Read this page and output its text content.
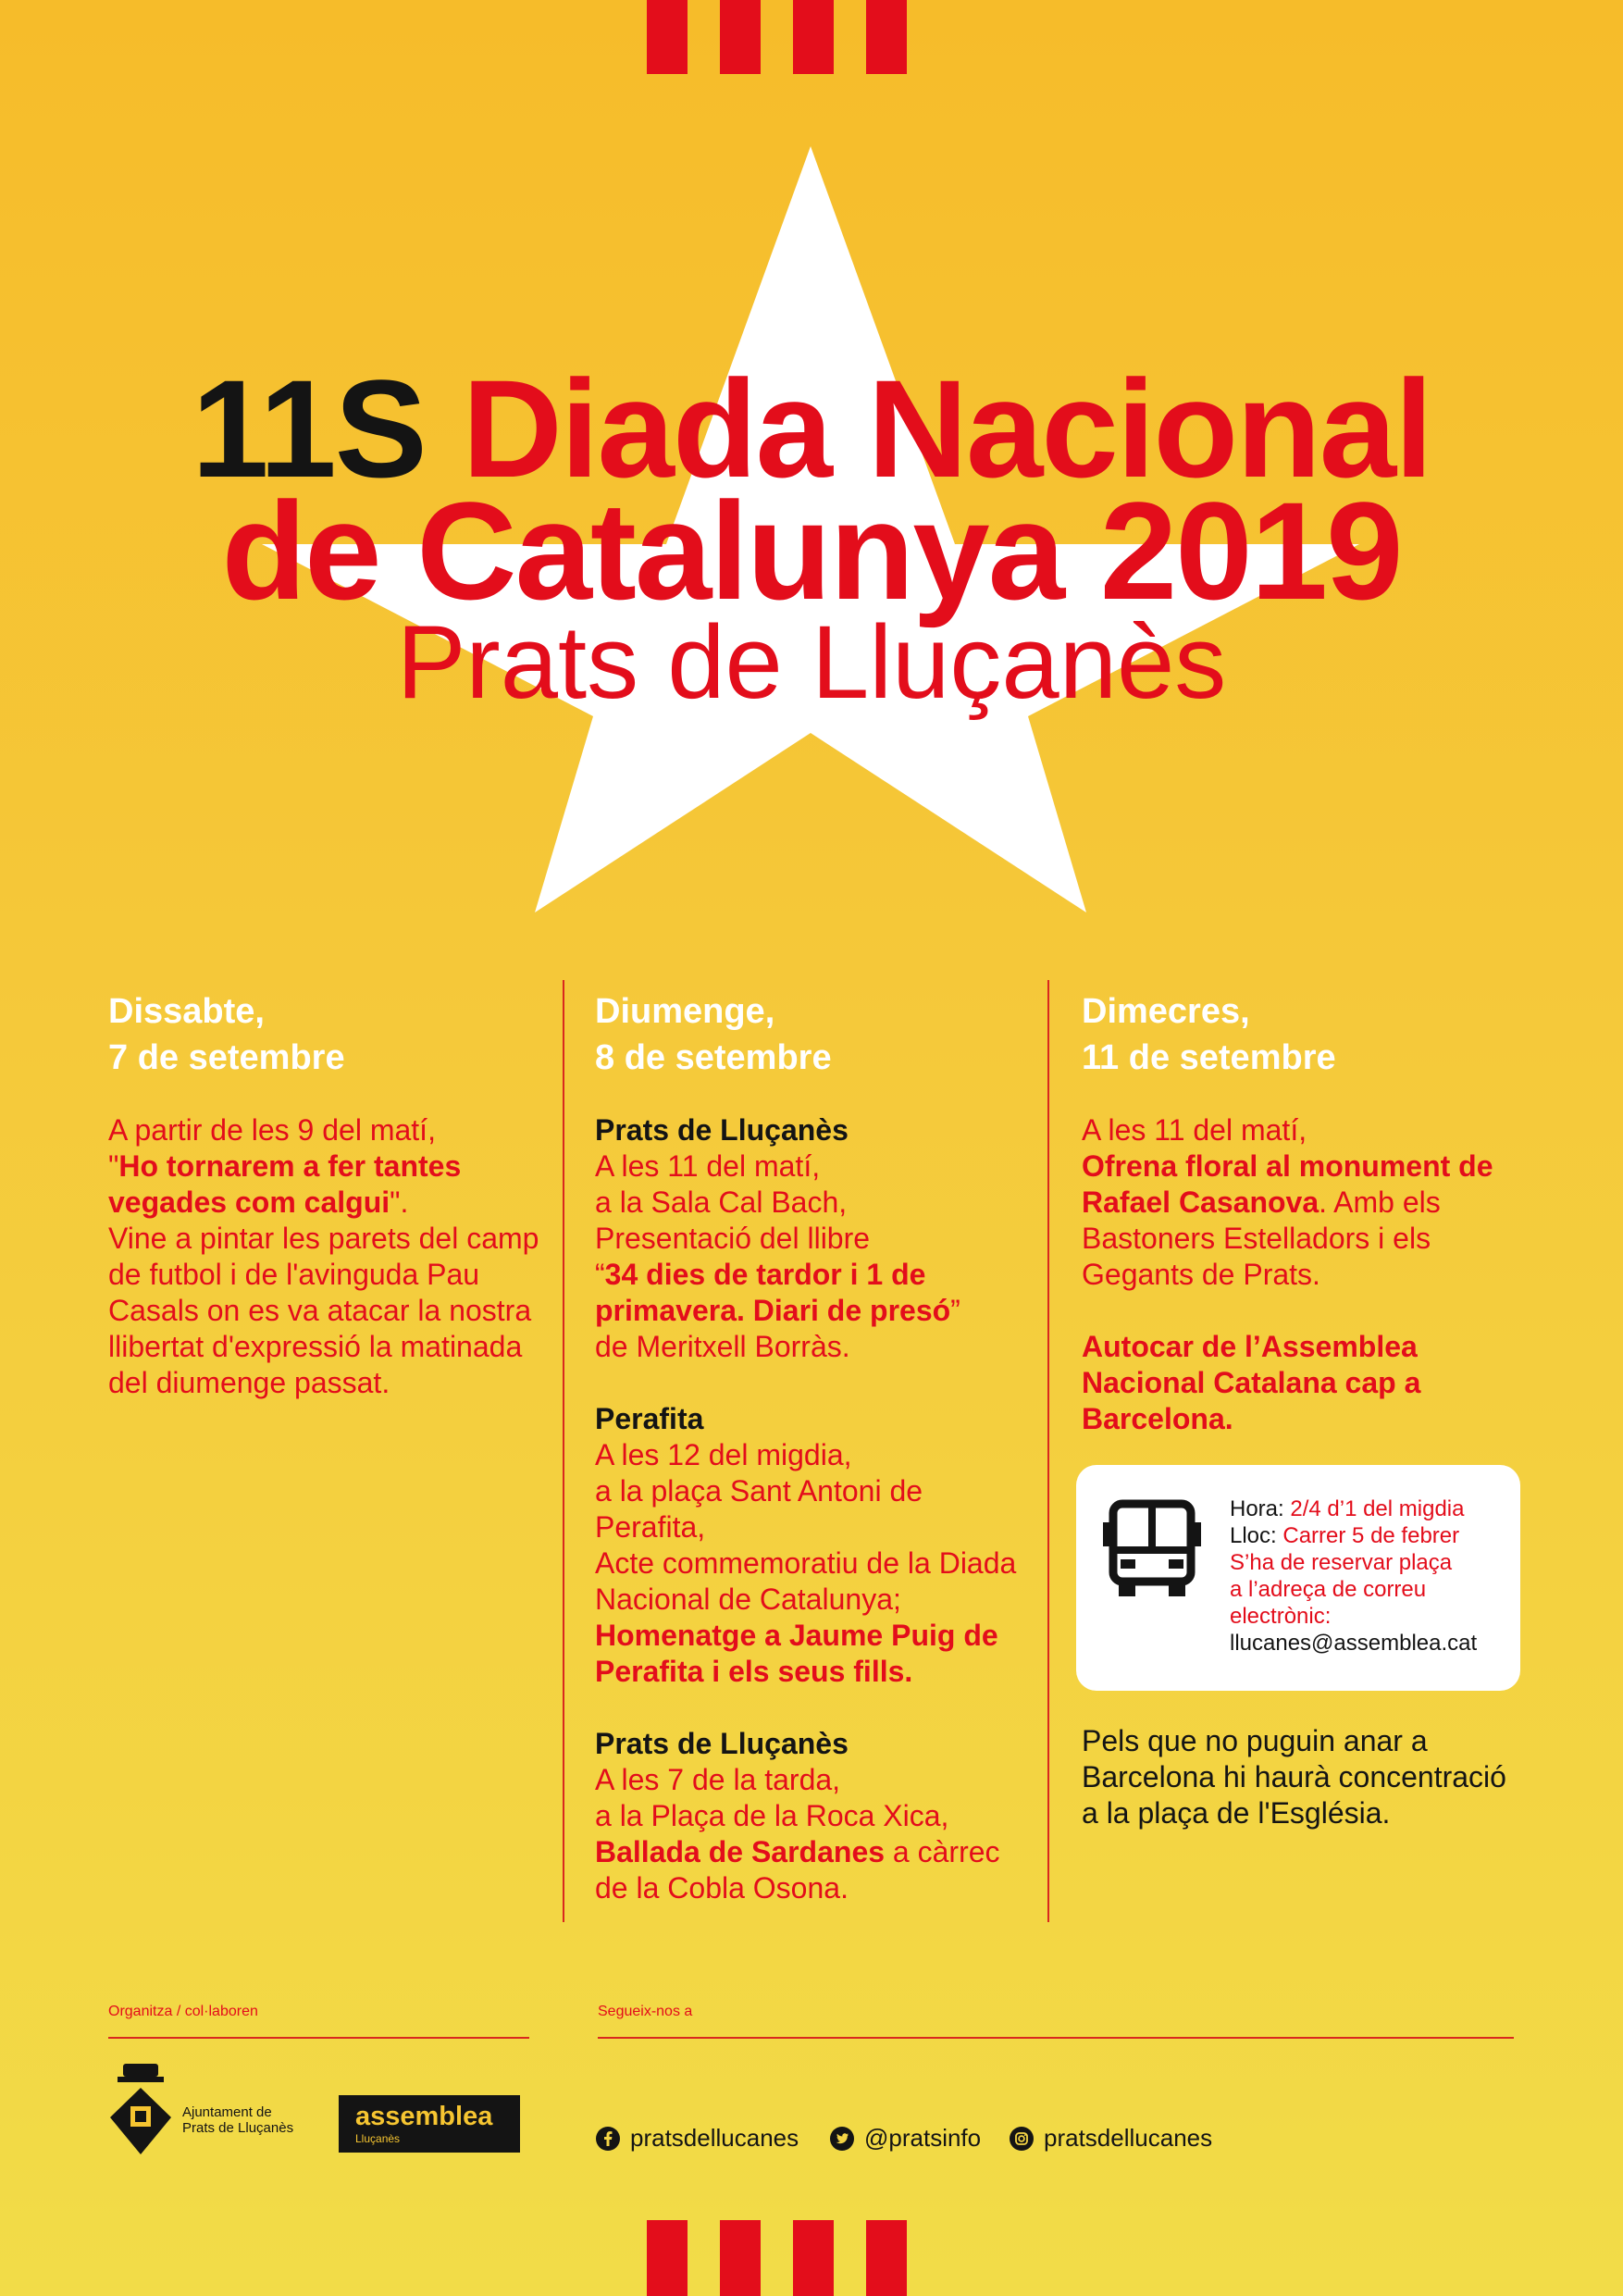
11S Diada Nacional
de Catalunya 2019
Prats de Lluçanès
Dissabte,
7 de setembre

A partir de les 9 del matí,
"Ho tornarem a fer tantes vegades com calgui".
Vine a pintar les parets del camp de futbol i de l'avinguda Pau Casals on es va atacar la nostra llibertat d'expressió la matinada del diumenge passat.

Diumenge,
8 de setembre

Prats de Lluçanès
A les 11 del matí,
a la Sala Cal Bach,
Presentació del llibre
“34 dies de tardor i 1 de primavera. Diari de presó”
de Meritxell Borràs.

Perafita
A les 12 del migdia,
a la plaça Sant Antoni de Perafita,
Acte commemoratiu de la Diada Nacional de Catalunya;
Homenatge a Jaume Puig de Perafita i els seus fills.

Prats de Lluçanès
A les 7 de la tarda,
a la Plaça de la Roca Xica,
Ballada de Sardanes a càrrec de la Cobla Osona.

Dimecres,
11 de setembre

A les 11 del matí,
Ofrena floral al monument de Rafael Casanova. Amb els Bastoners Estelladors i els Gegants de Prats.

Autocar de l’Assemblea Nacional Catalana cap a Barcelona.

Hora: 2/4 d’1 del migdia
Lloc: Carrer 5 de febrer
S’ha de reservar plaça
a l’adreça de correu
electrònic:
llucanes@assemblea.cat
Pels que no puguin anar a Barcelona hi haurà concentració a la plaça de l'Església.
Organitza / col·laboren	Segueix-nos a
Ajuntament de
Prats de Lluçanès assemblea
Lluçanès	pratsdellucanes	@pratsinfo	pratsdellucanes
